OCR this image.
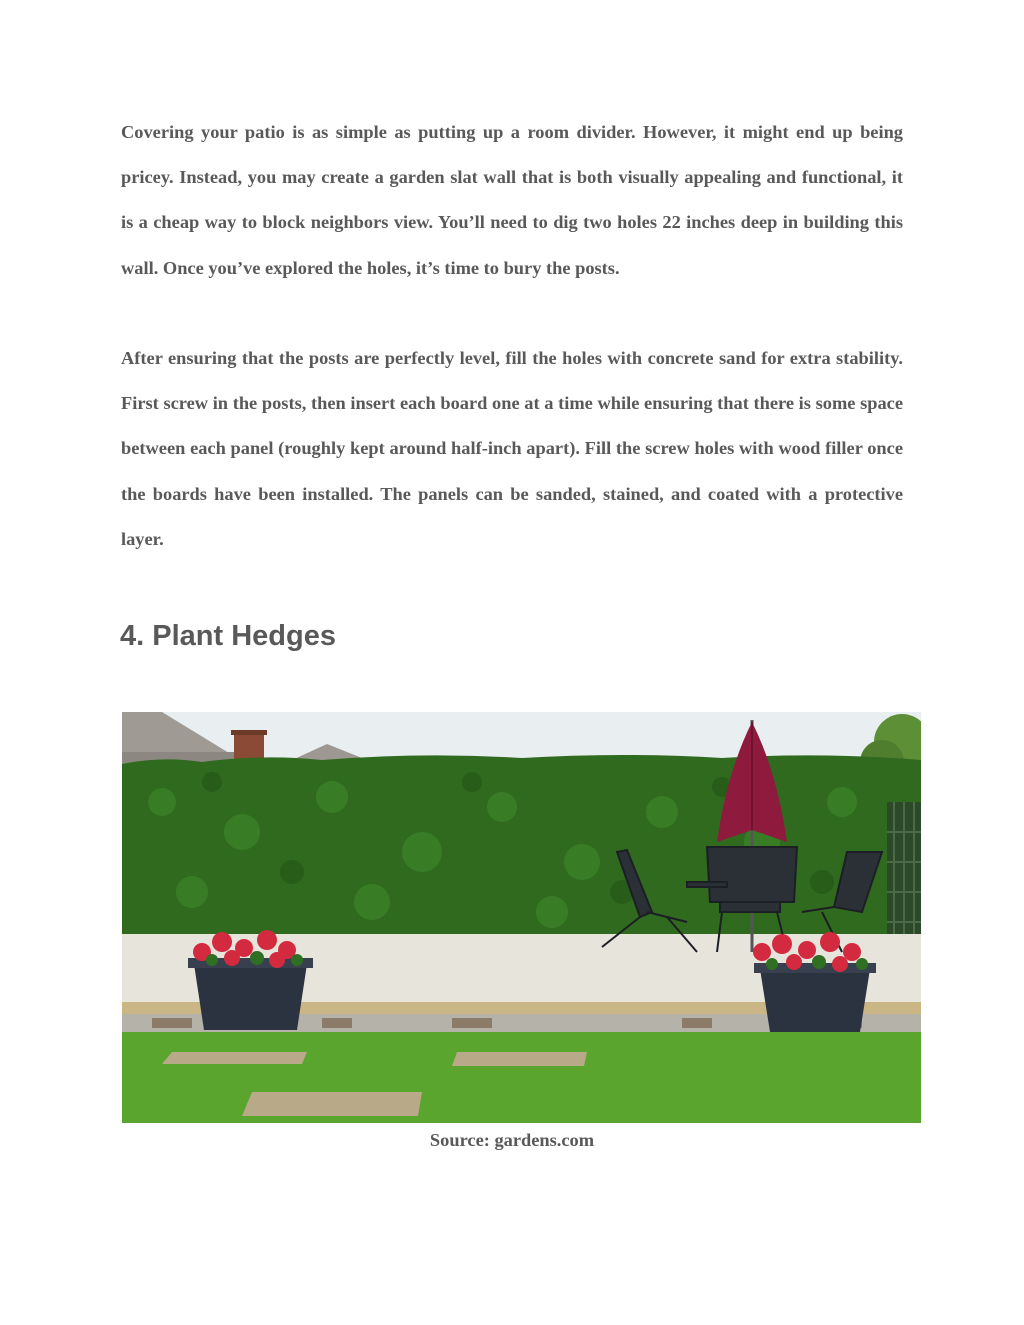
Covering your patio is as simple as putting up a room divider. However, it might end up being pricey. Instead, you may create a garden slat wall that is both visually appealing and functional, it is a cheap way to block neighbors view. You’ll need to dig two holes 22 inches deep in building this wall. Once you’ve explored the holes, it’s time to bury the posts.

After ensuring that the posts are perfectly level, fill the holes with concrete sand for extra stability. First screw in the posts, then insert each board one at a time while ensuring that there is some space between each panel (roughly kept around half-inch apart). Fill the screw holes with wood filler once the boards have been installed. The panels can be sanded, stained, and coated with a protective layer.

4. Plant Hedges
Source: gardens.com
